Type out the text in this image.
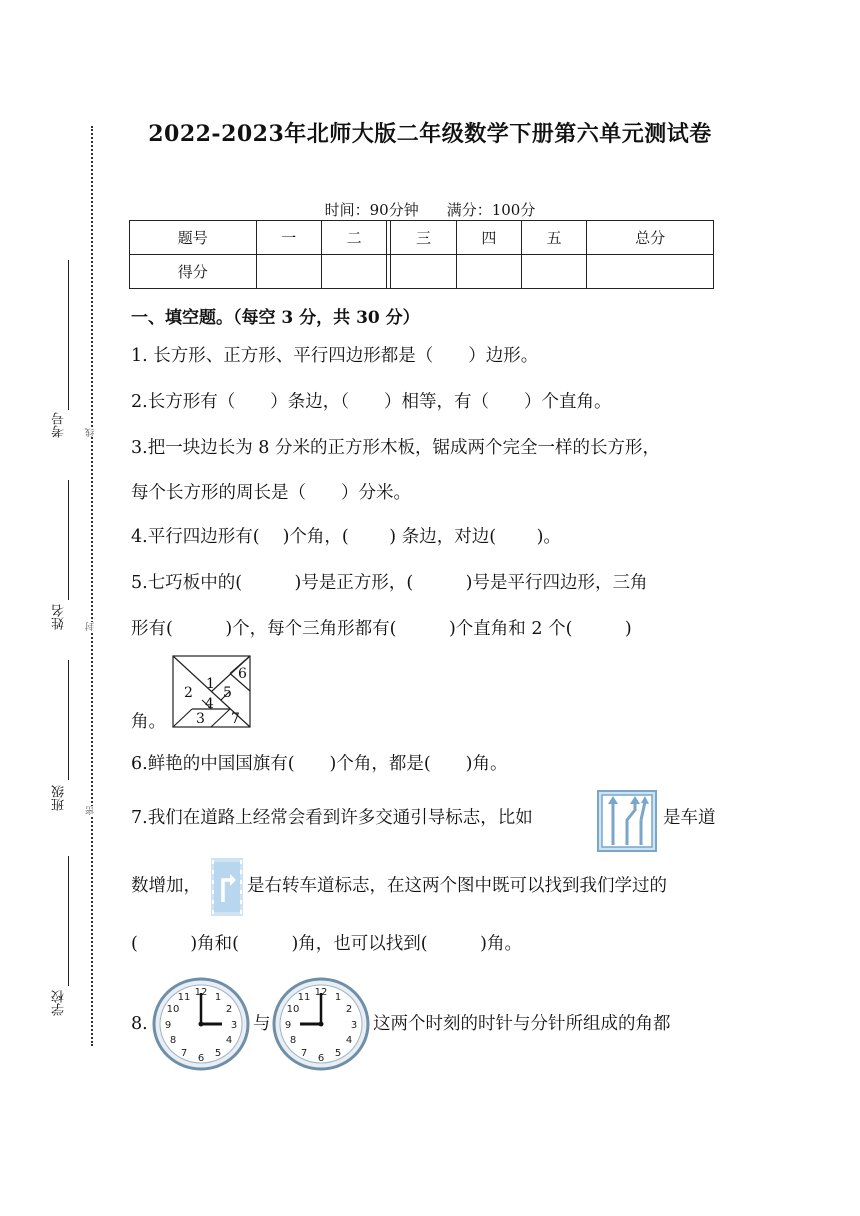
考号 线
姓名 封
班级 密
学校
2022-2023年北师大版二年级数学下册第六单元测试卷
时间：90分钟 满分：100分
题号	一	二		三	四	五	总分
得分							
一、填空题。（每空 3 分，共 30 分）
1. 长方形、正方形、平行四边形都是（　　）边形。
2.长方形有（　　）条边，（　　）相等，有（　　）个直角。
3.把一块边长为 8 分米的正方形木板，锯成两个完全一样的长方形，
每个长方形的周长是（　　）分米。
4.平行四边形有(　 )个角，(　　 ) 条边，对边(　　 )。
5.七巧板中的(　　　)号是正方形，(　　　)号是平行四边形，三角
形有(　　　)个，每个三角形都有(　　　)个直角和 2 个(　　　)
角。
1
2
3
4
5
6
7
6.鲜艳的中国国旗有(　　)个角，都是(　　)角。
7.我们在道路上经常会看到许多交通引导标志，比如	是车道
数增加，	是右转车道标志，在这两个图中既可以找到我们学过的
(　　　)角和(　　　)角，也可以找到(　　　)角。
8.
12 1
2
3
4
5
6
7
8
9
10
11
与
12 1
2
3
4
5
6
7
8
9
10
11
这两个时刻的时针与分针所组成的角都
